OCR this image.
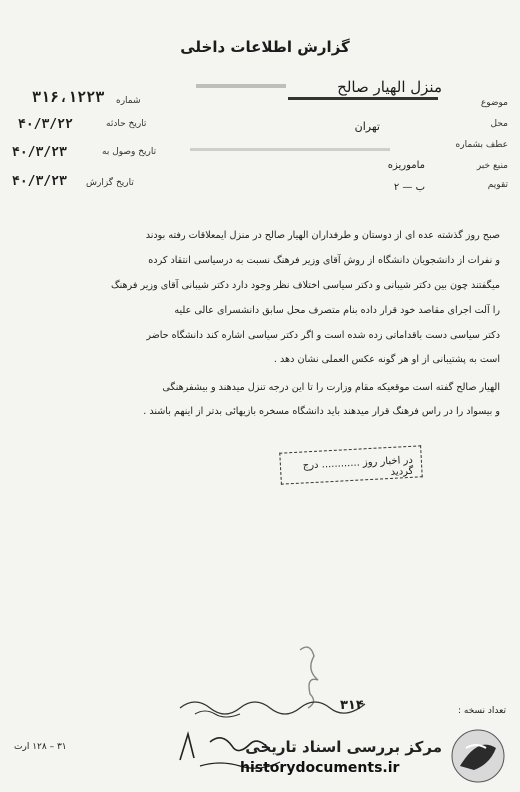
گزارش اطلاعات داخلی
موضوع
محل
عطف بشماره
منبع خبر
تقویم
منزل الهیار صالح
تهران
ماموریزه
ب — ۲
شماره
۳۱۶،۱۲۲۳
تاریخ حادثه
۴۰/۳/۲۲
تاریخ وصول به
۴۰/۳/۲۳
تاریخ گزارش
۴۰/۳/۲۳
صبح روز گذشته عده ای از دوستان و طرفداران الهیار صالح در منزل ایمعلاقات رفته بودند
و نفرات از دانشجویان دانشگاه از روش آقای وزیر فرهنگ نسبت به درسیاسی انتقاد کرده
میگفتند چون بین دکتر شیبانی و دکتر سیاسی اختلاف نظر وجود دارد دکتر شیبانی آقای وزیر فرهنگ
را آلت اجرای مقاصد خود قرار داده بنام متصرف محل سابق دانشسرای عالی علیه
دکتر سیاسی دست باقداماتی زده شده است و اگر دکتر سیاسی اشاره کند دانشگاه حاضر
است به پشتیبانی از او هر گونه عکس العملی نشان دهد .
الهیار صالح گفته است موقعیکه مقام وزارت را تا این درجه تنزل میدهند و بیشفرهنگی
و بیسواد را در راس فرهنگ قرار میدهند باید دانشگاه مسخره بازیهائی بدتر از اینهم باشند .
در اخبار روز ............ درج گردید
تعداد نسخه :
۳۱۴
۳۱ – ۱۲۸ ارت	مرکز بررسی اسناد تاریخی
historydocuments.ir
